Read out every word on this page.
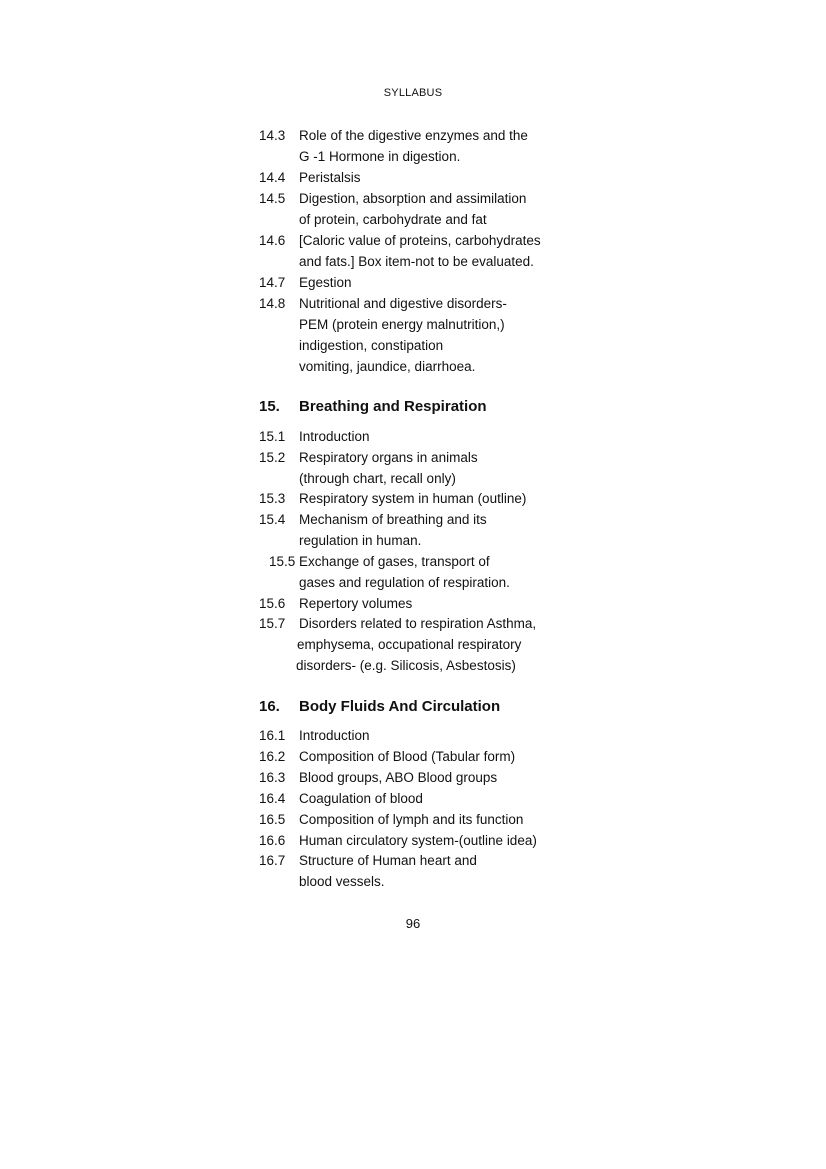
SYLLABUS
14.3 Role of the digestive enzymes and the
G -1 Hormone in digestion.
14.4 Peristalsis
14.5 Digestion, absorption and assimilation
of protein, carbohydrate and fat
14.6 [Caloric value of proteins, carbohydrates
and fats.] Box item-not to be evaluated.
14.7 Egestion
14.8 Nutritional and digestive disorders-
PEM (protein energy malnutrition,)
indigestion, constipation
vomiting, jaundice, diarrhoea.
15. Breathing and Respiration
15.1 Introduction
15.2 Respiratory organs in animals
(through chart, recall only)
15.3 Respiratory system in human (outline)
15.4 Mechanism of breathing and its
regulation in human.
15.5 Exchange of gases, transport of
gases and regulation of respiration.
15.6 Repertory volumes
15.7 Disorders related to respiration Asthma,
emphysema, occupational respiratory
disorders- (e.g. Silicosis, Asbestosis)
16. Body Fluids And Circulation
16.1 Introduction
16.2 Composition of Blood (Tabular form)
16.3 Blood groups, ABO Blood groups
16.4 Coagulation of blood
16.5 Composition of lymph and its function
16.6 Human circulatory system-(outline idea)
16.7 Structure of Human heart and
blood vessels.
96
